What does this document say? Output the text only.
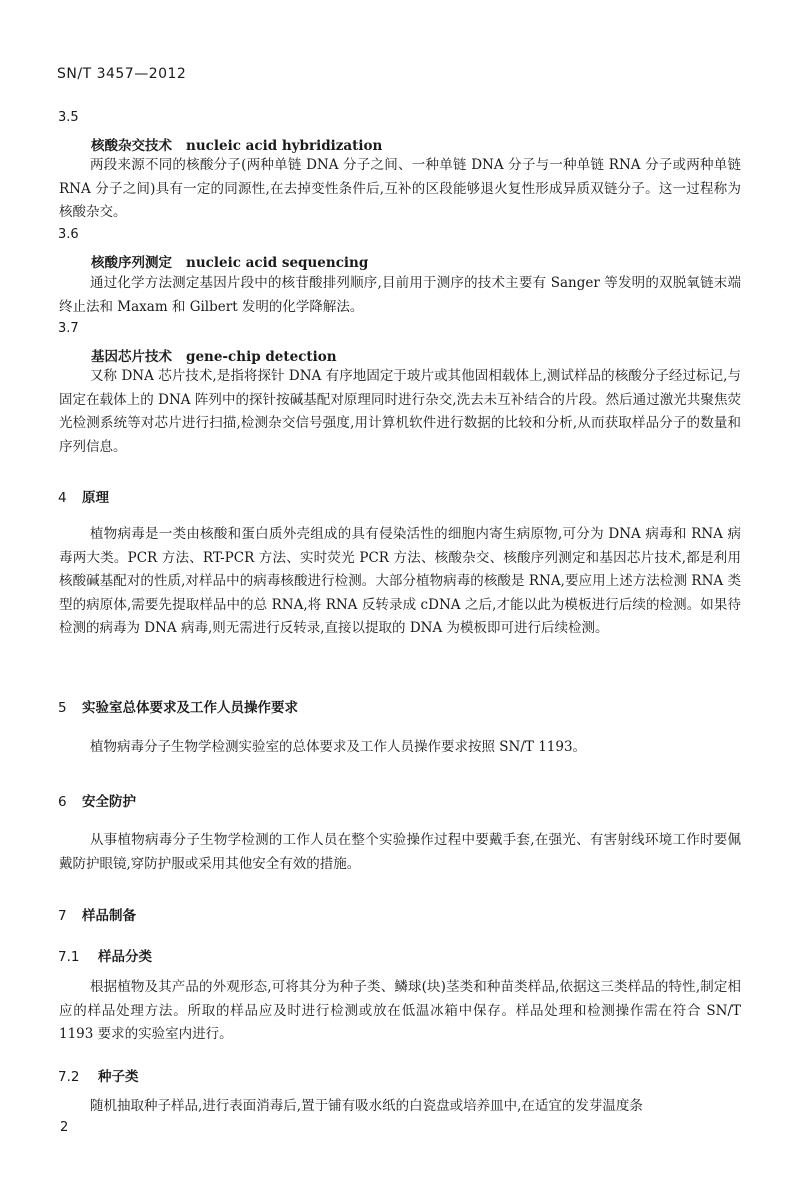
SN/T 3457—2012
3.5
核酸杂交技术 nucleic acid hybridization
两段来源不同的核酸分子(两种单链 DNA 分子之间、一种单链 DNA 分子与一种单链 RNA 分子或两种单链 RNA 分子之间)具有一定的同源性,在去掉变性条件后,互补的区段能够退火复性形成异质双链分子。这一过程称为核酸杂交。
3.6
核酸序列测定 nucleic acid sequencing
通过化学方法测定基因片段中的核苷酸排列顺序,目前用于测序的技术主要有 Sanger 等发明的双脱氧链末端终止法和 Maxam 和 Gilbert 发明的化学降解法。
3.7
基因芯片技术 gene-chip detection
又称 DNA 芯片技术,是指将探针 DNA 有序地固定于玻片或其他固相载体上,测试样品的核酸分子经过标记,与固定在载体上的 DNA 阵列中的探针按碱基配对原理同时进行杂交,洗去未互补结合的片段。然后通过激光共聚焦荧光检测系统等对芯片进行扫描,检测杂交信号强度,用计算机软件进行数据的比较和分析,从而获取样品分子的数量和序列信息。
4 原理
植物病毒是一类由核酸和蛋白质外壳组成的具有侵染活性的细胞内寄生病原物,可分为 DNA 病毒和 RNA 病毒两大类。PCR 方法、RT-PCR 方法、实时荧光 PCR 方法、核酸杂交、核酸序列测定和基因芯片技术,都是利用核酸碱基配对的性质,对样品中的病毒核酸进行检测。大部分植物病毒的核酸是 RNA,要应用上述方法检测 RNA 类型的病原体,需要先提取样品中的总 RNA,将 RNA 反转录成 cDNA 之后,才能以此为模板进行后续的检测。如果待检测的病毒为 DNA 病毒,则无需进行反转录,直接以提取的 DNA 为模板即可进行后续检测。
5 实验室总体要求及工作人员操作要求
植物病毒分子生物学检测实验室的总体要求及工作人员操作要求按照 SN/T 1193。
6 安全防护
从事植物病毒分子生物学检测的工作人员在整个实验操作过程中要戴手套,在强光、有害射线环境工作时要佩戴防护眼镜,穿防护服或采用其他安全有效的措施。
7 样品制备
7.1 样品分类
根据植物及其产品的外观形态,可将其分为种子类、鳞球(块)茎类和种苗类样品,依据这三类样品的特性,制定相应的样品处理方法。所取的样品应及时进行检测或放在低温冰箱中保存。样品处理和检测操作需在符合 SN/T 1193 要求的实验室内进行。
7.2 种子类
随机抽取种子样品,进行表面消毒后,置于铺有吸水纸的白瓷盘或培养皿中,在适宜的发芽温度条
2
